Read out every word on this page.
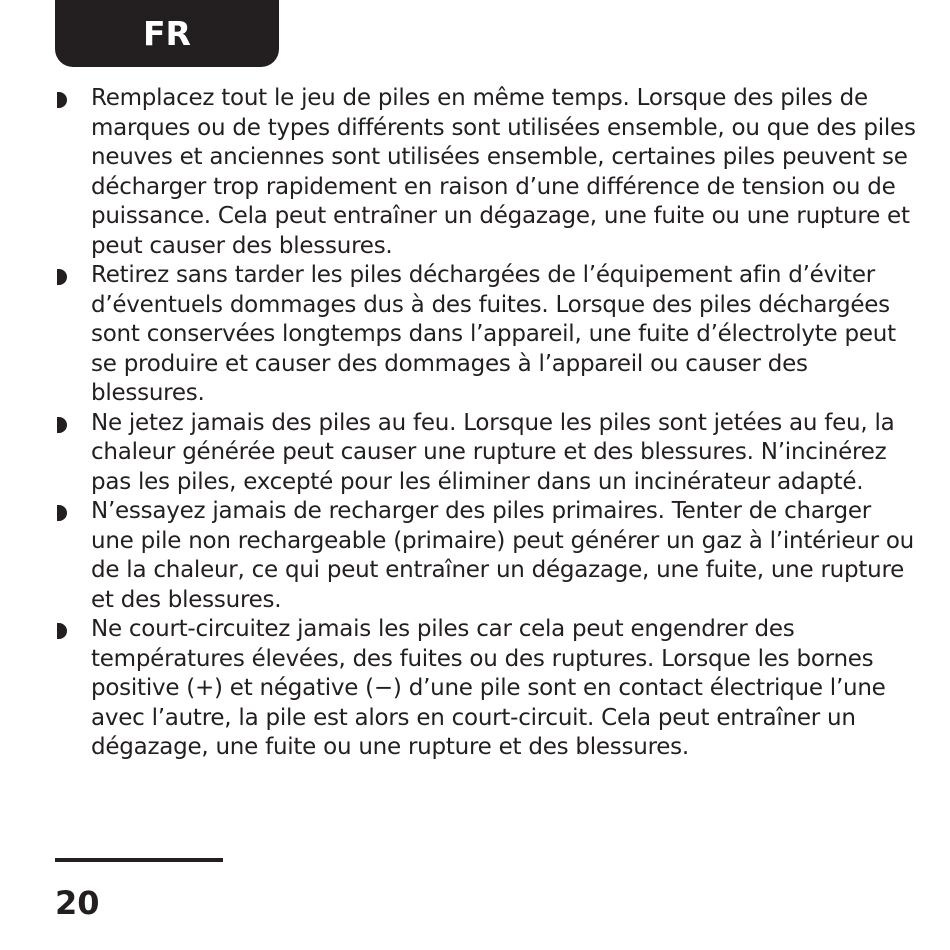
FR
Remplacez tout le jeu de piles en même temps. Lorsque des piles de marques ou de types différents sont utilisées ensemble, ou que des piles neuves et anciennes sont utilisées ensemble, certaines piles peuvent se décharger trop rapidement en raison d’une différence de tension ou de puissance. Cela peut entraîner un dégazage, une fuite ou une rupture et peut causer des blessures.
Retirez sans tarder les piles déchargées de l’équipement afin d’éviter d’éventuels dommages dus à des fuites. Lorsque des piles déchargées sont conservées longtemps dans l’appareil, une fuite d’électrolyte peut se produire et causer des dommages à l’appareil ou causer des blessures.
Ne jetez jamais des piles au feu. Lorsque les piles sont jetées au feu, la chaleur générée peut causer une rupture et des blessures. N’incinérez pas les piles, excepté pour les éliminer dans un incinérateur adapté.
N’essayez jamais de recharger des piles primaires. Tenter de charger une pile non rechargeable (primaire) peut générer un gaz à l’intérieur ou de la chaleur, ce qui peut entraîner un dégazage, une fuite, une rupture et des blessures.
Ne court-circuitez jamais les piles car cela peut engendrer des températures élevées, des fuites ou des ruptures. Lorsque les bornes positive (+) et négative (−) d’une pile sont en contact électrique l’une avec l’autre, la pile est alors en court-circuit. Cela peut entraîner un dégazage, une fuite ou une rupture et des blessures.
20
